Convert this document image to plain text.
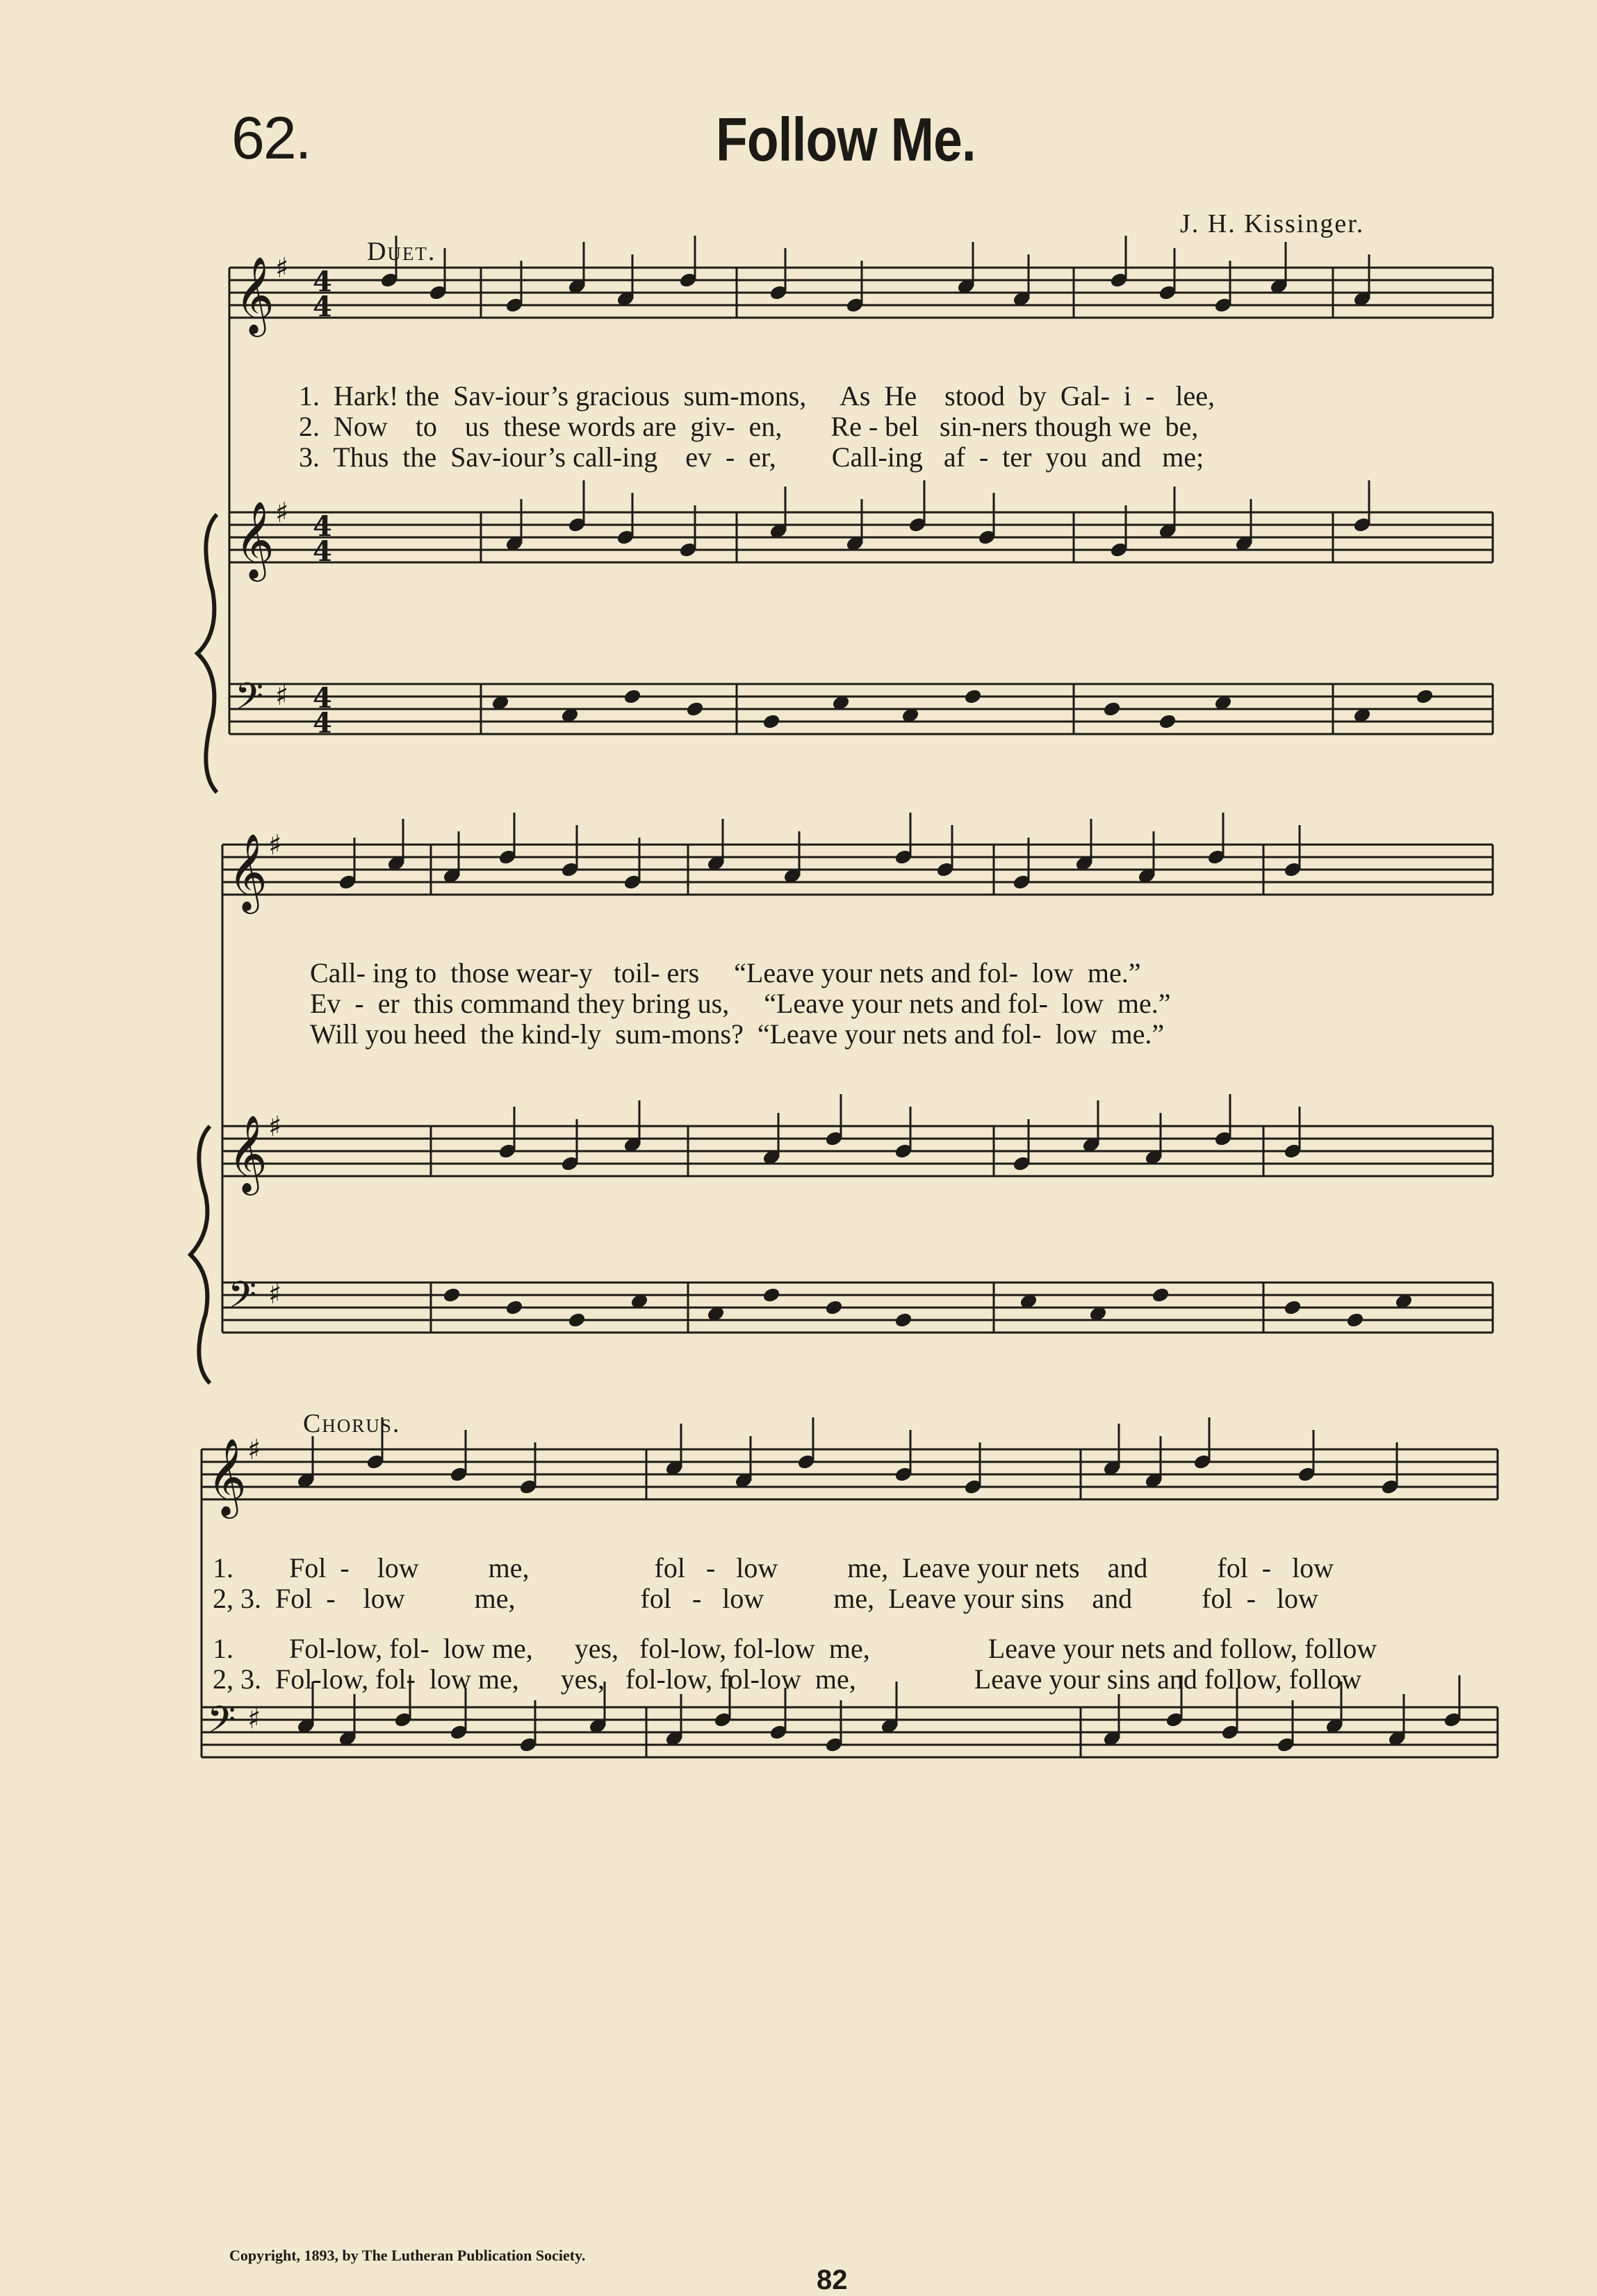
62.	Follow Me.
J. H. Kissinger.
Duet.
Chorus.
1.  Hark! the  Sav-iour’s gracious  sum-mons,     As  He    stood  by  Gal-  i  -   lee,
2.  Now    to    us  these words are  giv-  en,       Re - bel   sin-ners though we  be,
3.  Thus  the  Sav-iour’s call-ing    ev  -  er,        Call-ing   af  -  ter  you  and   me;
Call- ing to  those wear-y   toil- ers     “Leave your nets and fol-  low  me.”
Ev  -  er  this command they bring us,     “Leave your nets and fol-  low  me.”
Will you heed  the kind-ly  sum-mons?  “Leave your nets and fol-  low  me.”
1.        Fol  -    low          me,                  fol   -   low          me,  Leave your nets    and          fol  -   low
2, 3.  Fol  -    low          me,                  fol   -   low          me,  Leave your sins    and          fol  -   low
1.        Fol-low, fol-  low me,      yes,   fol-low, fol-low  me,                 Leave your nets and follow, follow
2, 3.  Fol-low, fol-  low me,      yes,   fol-low, fol-low  me,                 Leave your sins and follow, follow
Copyright, 1893, by The Lutheran Publication Society.
82
𝄞 ♯ 4
4
𝄞 ♯ 4
4
𝄢 ♯ 4
4
𝄞 ♯
𝄞 ♯
𝄢 ♯
𝄞 ♯
𝄢 ♯
